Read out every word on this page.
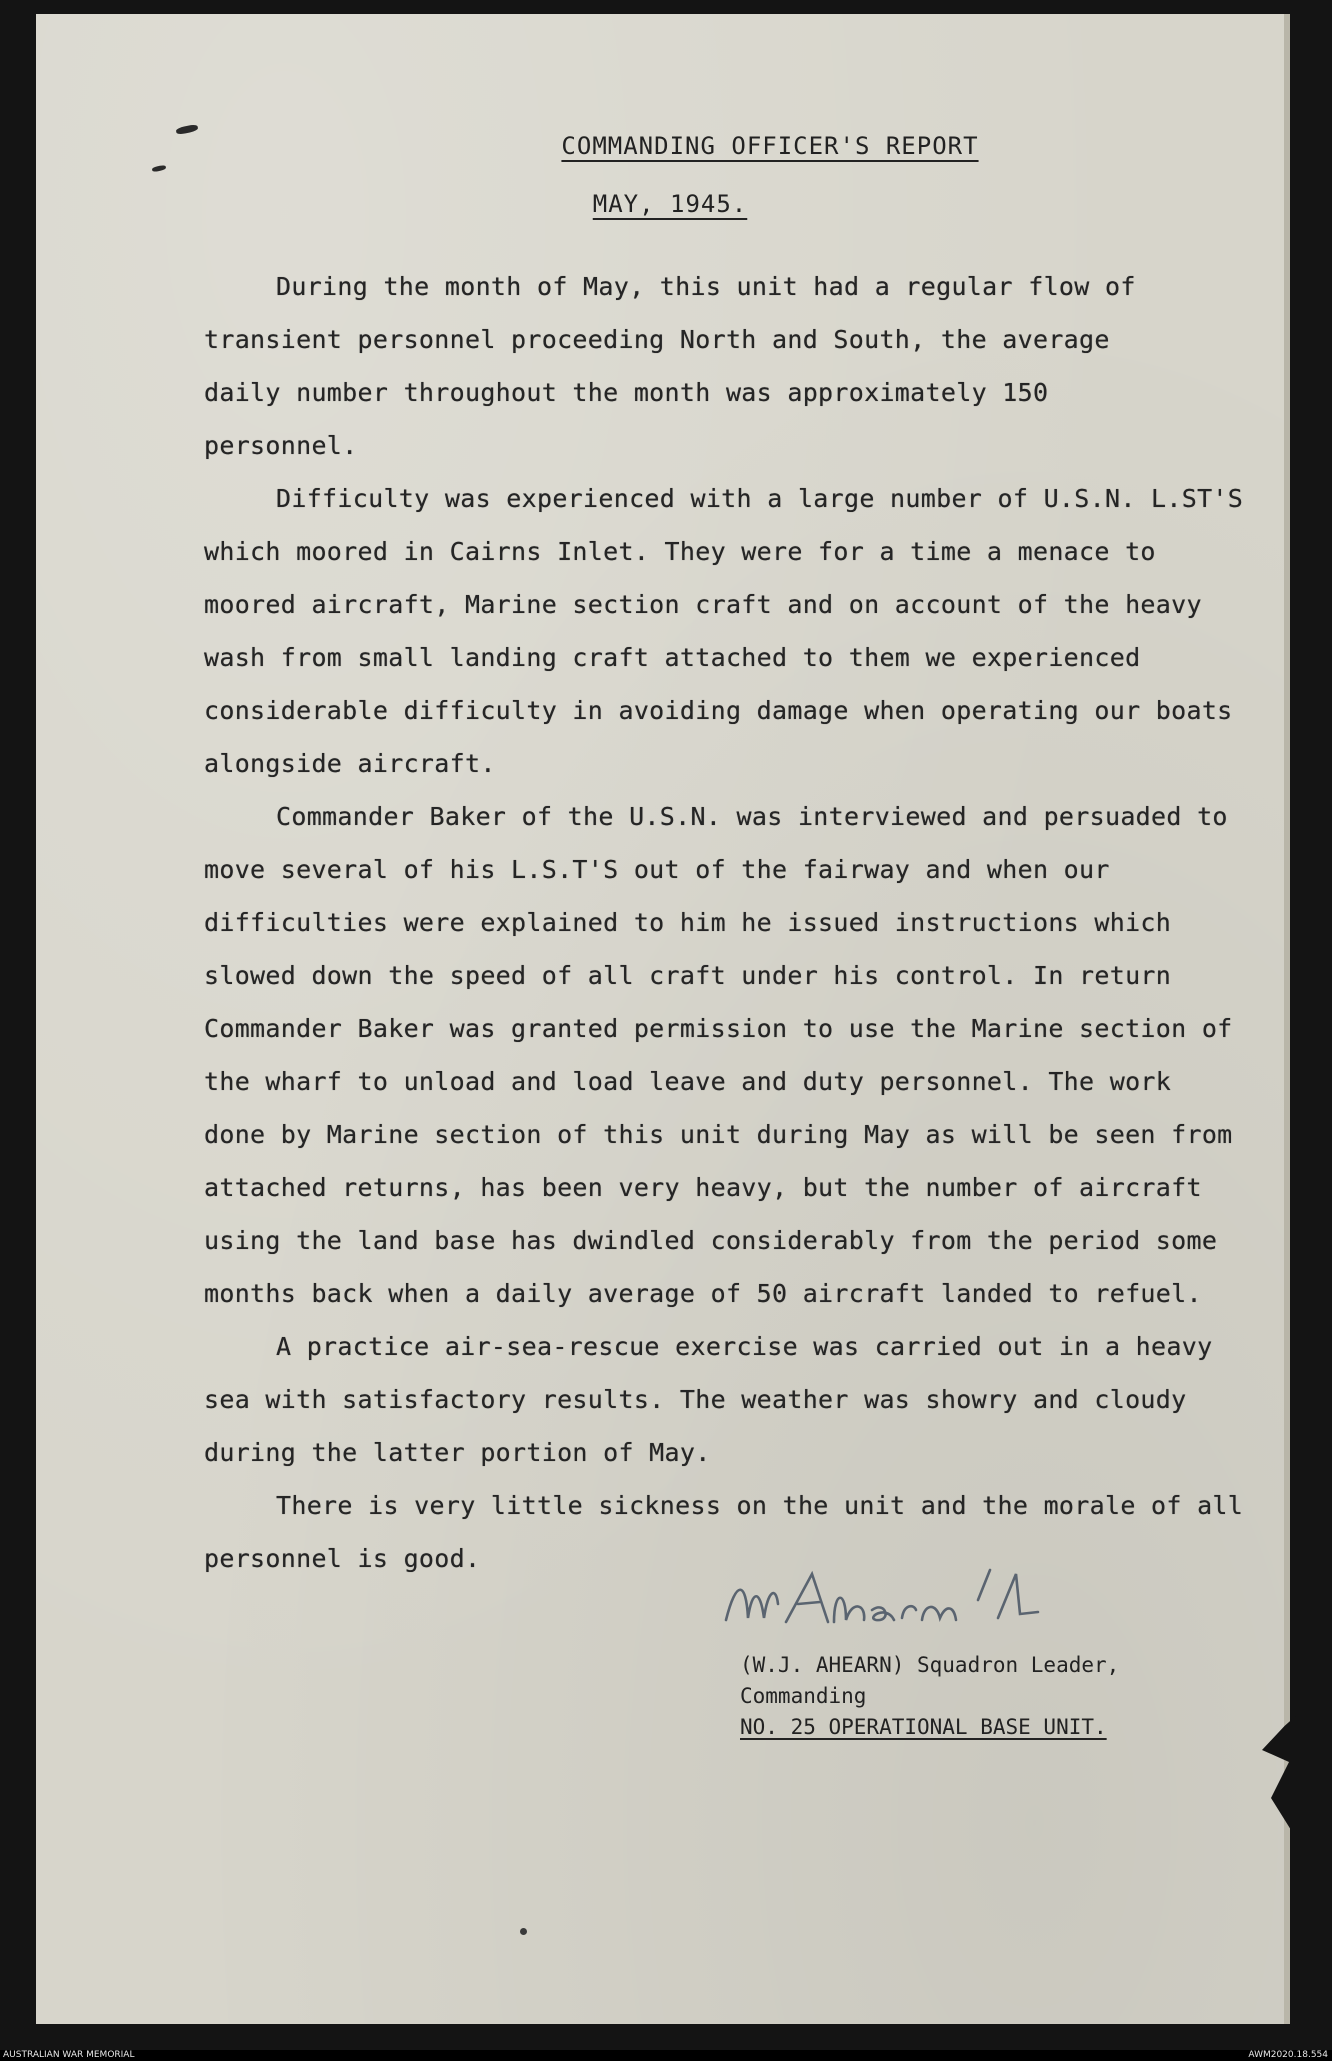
COMMANDING OFFICER'S REPORT
MAY, 1945.

During the month of May, this unit had a regular flow of transient personnel proceeding North and South, the average daily number throughout the month was approximately 150 personnel.

Difficulty was experienced with a large number of U.S.N. L.ST'S which moored in Cairns Inlet. They were for a time a menace to moored aircraft, Marine section craft and on account of the heavy wash from small landing craft attached to them we experienced considerable difficulty in avoiding damage when operating our boats alongside aircraft.

Commander Baker of the U.S.N. was interviewed and persuaded to move several of his L.S.T'S out of the fairway and when our difficulties were explained to him he issued instructions which slowed down the speed of all craft under his control. In return Commander Baker was granted permission to use the Marine section of the wharf to unload and load leave and duty personnel. The work done by Marine section of this unit during May as will be seen from attached returns, has been very heavy, but the number of aircraft using the land base has dwindled considerably from the period some months back when a daily average of 50 aircraft landed to refuel.

A practice air-sea-rescue exercise was carried out in a heavy sea with satisfactory results. The weather was showry and cloudy during the latter portion of May.

There is very little sickness on the unit and the morale of all personnel is good.

(W.J. AHEARN) Squadron Leader,
Commanding
NO. 25 OPERATIONAL BASE UNIT.
AUSTRALIAN WAR MEMORIAL	AWM2020.18.554
